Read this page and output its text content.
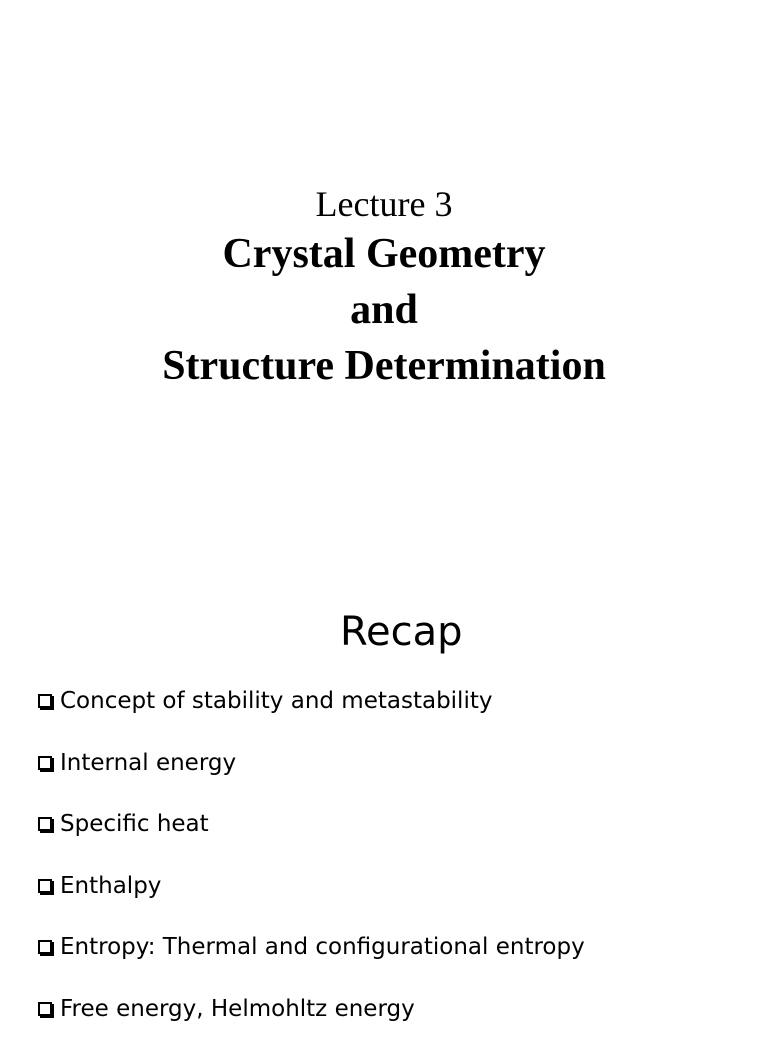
Lecture 3

Crystal Geometry

and

Structure Determination

Recap
Concept of stability and metastability
Internal energy
Specific heat
Enthalpy
Entropy: Thermal and configurational entropy
Free energy, Helmohltz energy
